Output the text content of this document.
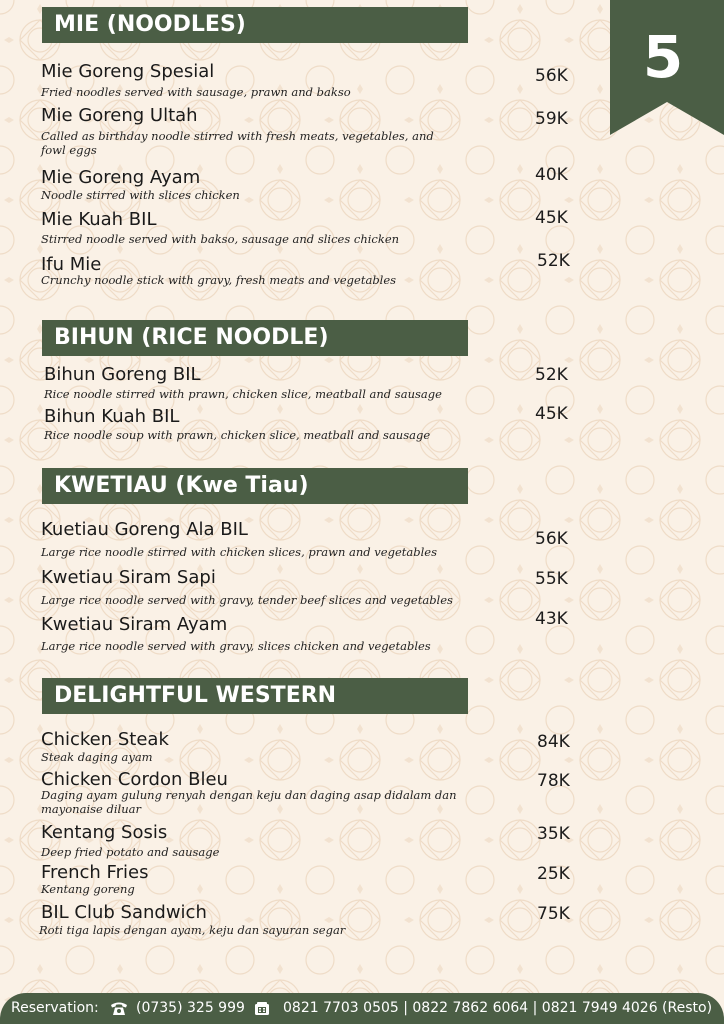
5
MIE (NOODLES)
Mie Goreng Spesial
Fried noodles served with sausage, prawn and bakso
56K
Mie Goreng Ultah
Called as birthday noodle stirred with fresh meats, vegetables, and fowl eggs
59K
Mie Goreng Ayam
Noodle stirred with slices chicken
40K
Mie Kuah BIL
Stirred noodle served with bakso, sausage and slices chicken
45K
Ifu Mie
Crunchy noodle stick with gravy, fresh meats and vegetables
52K
BIHUN (RICE NOODLE)
Bihun Goreng BIL
Rice noodle stirred with prawn, chicken slice, meatball and sausage
52K
Bihun Kuah BIL
Rice noodle soup with prawn, chicken slice, meatball and sausage
45K
KWETIAU (Kwe Tiau)
Kuetiau Goreng Ala BIL
Large rice noodle stirred with chicken slices, prawn and vegetables
56K
Kwetiau Siram Sapi
Large rice noodle served with gravy, tender beef slices and vegetables
55K
Kwetiau Siram Ayam
Large rice noodle served with gravy, slices chicken and vegetables
43K
DELIGHTFUL WESTERN
Chicken Steak
Steak daging ayam
84K
Chicken Cordon Bleu
Daging ayam gulung renyah dengan keju dan daging asap didalam dan mayonaise diluar
78K
Kentang Sosis
Deep fried potato and sausage
35K
French Fries
Kentang goreng
25K
BIL Club Sandwich
Roti tiga lapis dengan ayam, keju dan sayuran segar
75K
Reservation:	(0735) 325 999	0821 7703 0505 | 0822 7862 6064 | 0821 7949 4026 (Resto)
